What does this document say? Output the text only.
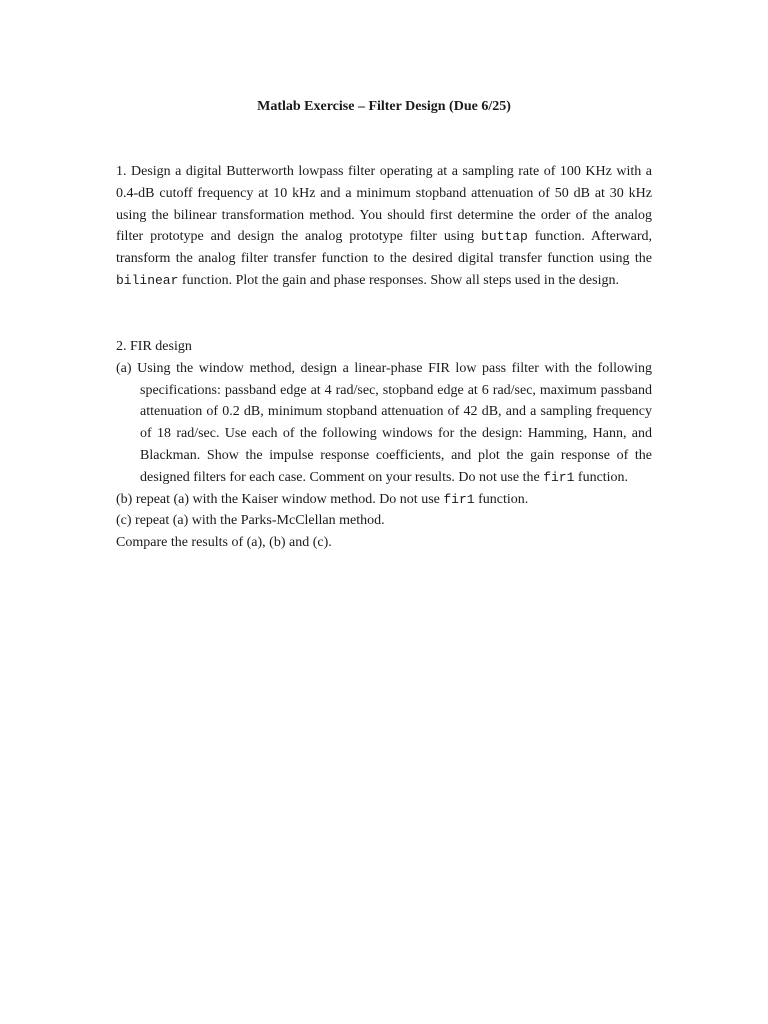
Matlab Exercise – Filter Design (Due 6/25)
1. Design a digital Butterworth lowpass filter operating at a sampling rate of 100 KHz with a 0.4-dB cutoff frequency at 10 kHz and a minimum stopband attenuation of 50 dB at 30 kHz using the bilinear transformation method. You should first determine the order of the analog filter prototype and design the analog prototype filter using buttap function. Afterward, transform the analog filter transfer function to the desired digital transfer function using the bilinear function. Plot the gain and phase responses. Show all steps used in the design.
2. FIR design
(a) Using the window method, design a linear-phase FIR low pass filter with the following specifications: passband edge at 4 rad/sec, stopband edge at 6 rad/sec, maximum passband attenuation of 0.2 dB, minimum stopband attenuation of 42 dB, and a sampling frequency of 18 rad/sec. Use each of the following windows for the design: Hamming, Hann, and Blackman. Show the impulse response coefficients, and plot the gain response of the designed filters for each case. Comment on your results. Do not use the fir1 function.
(b) repeat (a) with the Kaiser window method. Do not use fir1 function.
(c) repeat (a) with the Parks-McClellan method.
Compare the results of (a), (b) and (c).
